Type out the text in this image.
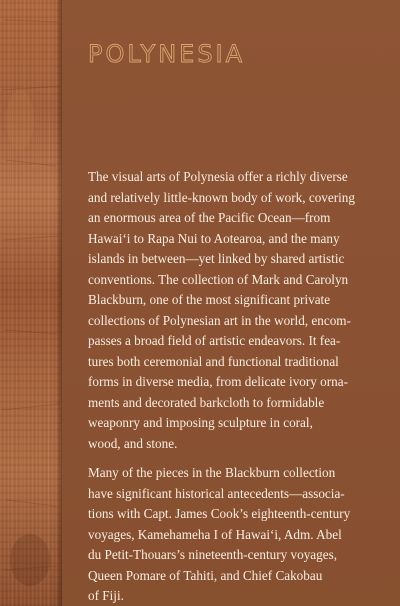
POLYNESIA

The visual arts of Polynesia offer a richly diverse
and relatively little-known body of work, covering
an enormous area of the Pacific Ocean—from
Hawai‘i to Rapa Nui to Aotearoa, and the many
islands in between—yet linked by shared artistic
conventions. The collection of Mark and Carolyn
Blackburn, one of the most significant private
collections of Polynesian art in the world, encom-
passes a broad field of artistic endeavors. It fea-
tures both ceremonial and functional traditional
forms in diverse media, from delicate ivory orna-
ments and decorated barkcloth to formidable
weaponry and imposing sculpture in coral,
wood, and stone.

Many of the pieces in the Blackburn collection
have significant historical antecedents—associa-
tions with Capt. James Cook’s eighteenth-century
voyages, Kamehameha I of Hawai‘i, Adm. Abel
du Petit-Thouars’s nineteenth-century voyages,
Queen Pomare of Tahiti, and Chief Cakobau
of Fiji.
